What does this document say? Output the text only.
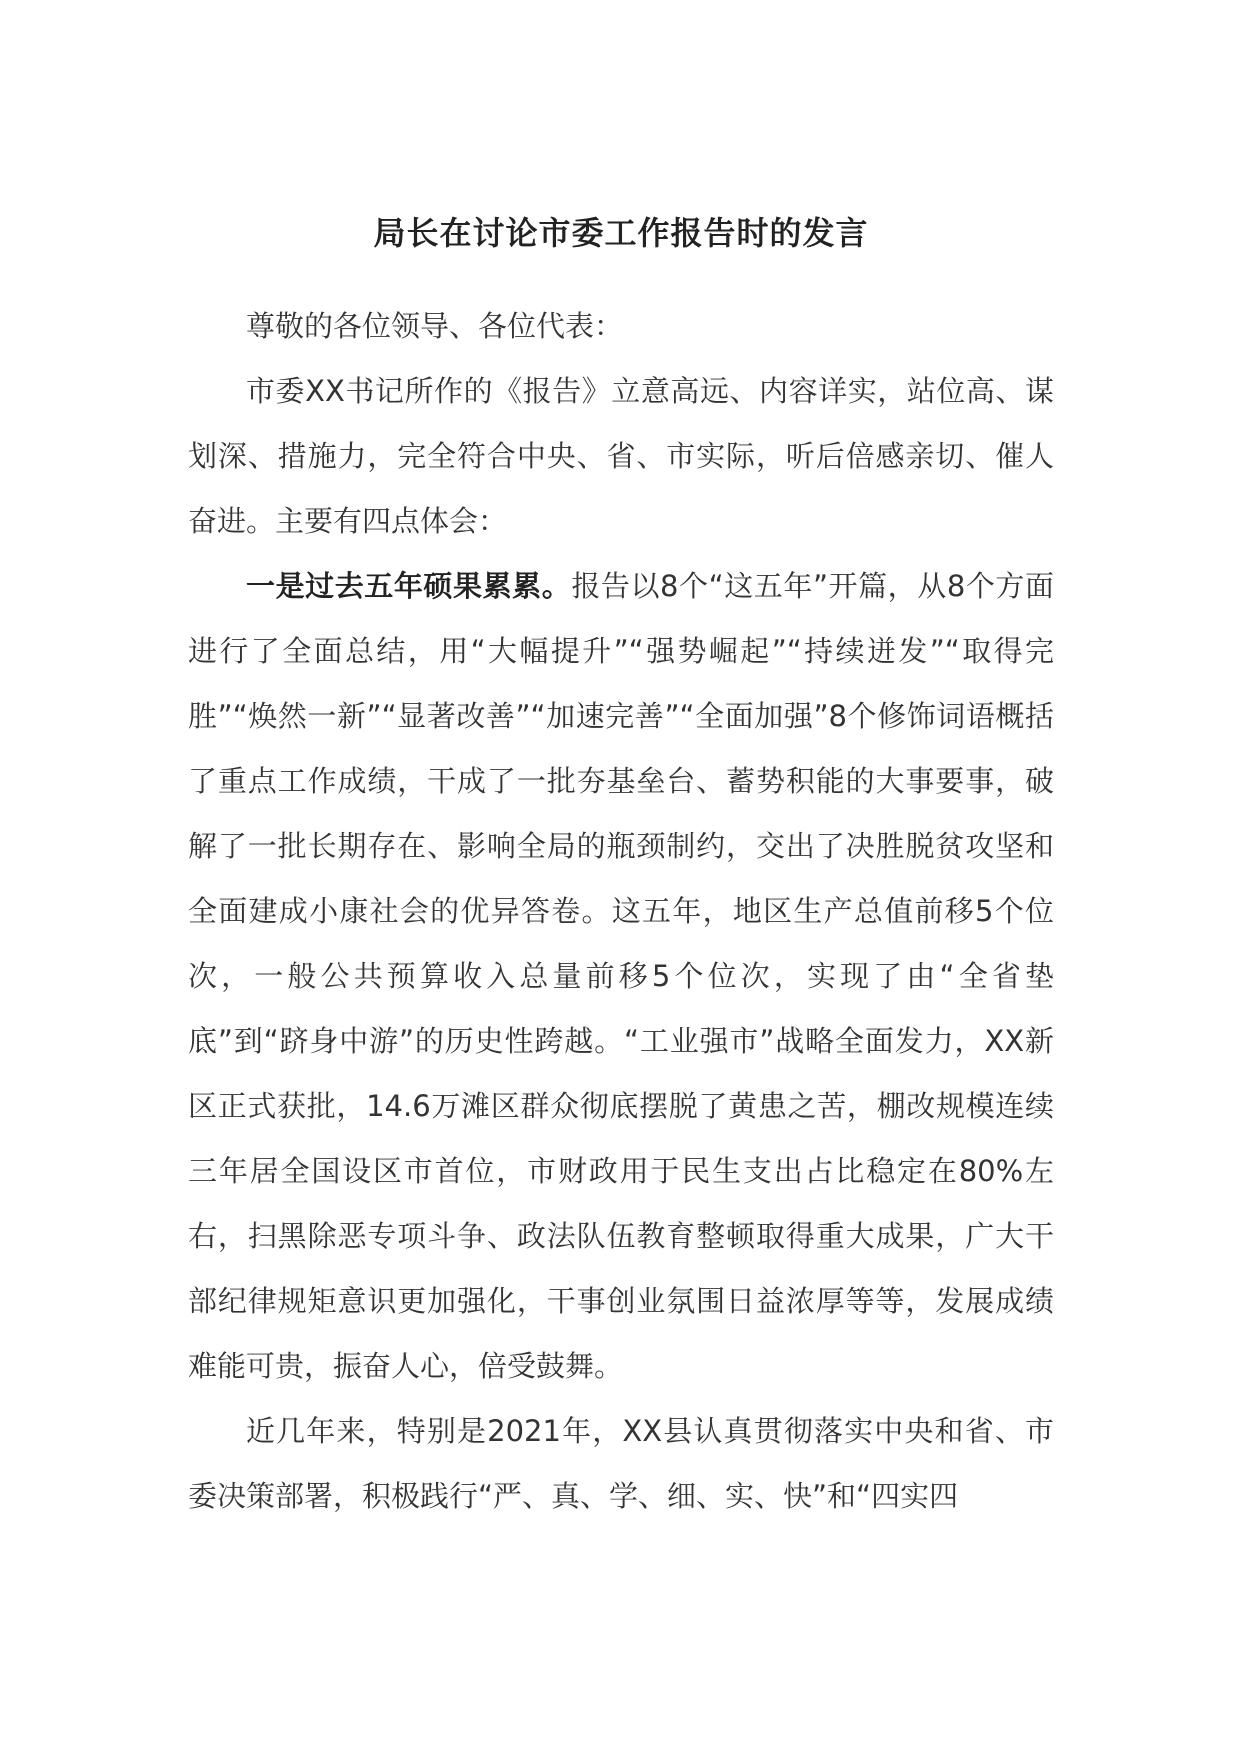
局长在讨论市委工作报告时的发言

尊敬的各位领导、各位代表：

市委XX书记所作的《报告》立意高远、内容详实，站位高、谋划深、措施力，完全符合中央、省、市实际，听后倍感亲切、催人奋进。主要有四点体会：

一是过去五年硕果累累。报告以8个“这五年”开篇，从8个方面进行了全面总结，用“大幅提升”“强势崛起”“持续迸发”“取得完胜”“焕然一新”“显著改善”“加速完善”“全面加强”8个修饰词语概括了重点工作成绩，干成了一批夯基垒台、蓄势积能的大事要事，破解了一批长期存在、影响全局的瓶颈制约，交出了决胜脱贫攻坚和全面建成小康社会的优异答卷。这五年，地区生产总值前移5个位次，一般公共预算收入总量前移5个位次，实现了由“全省垫底”到“跻身中游”的历史性跨越。“工业强市”战略全面发力，XX新区正式获批，14.6万滩区群众彻底摆脱了黄患之苦，棚改规模连续三年居全国设区市首位，市财政用于民生支出占比稳定在80%左右，扫黑除恶专项斗争、政法队伍教育整顿取得重大成果，广大干部纪律规矩意识更加强化，干事创业氛围日益浓厚等等，发展成绩难能可贵，振奋人心，倍受鼓舞。

近几年来，特别是2021年，XX县认真贯彻落实中央和省、市委决策部署，积极践行“严、真、学、细、实、快”和“四实四
